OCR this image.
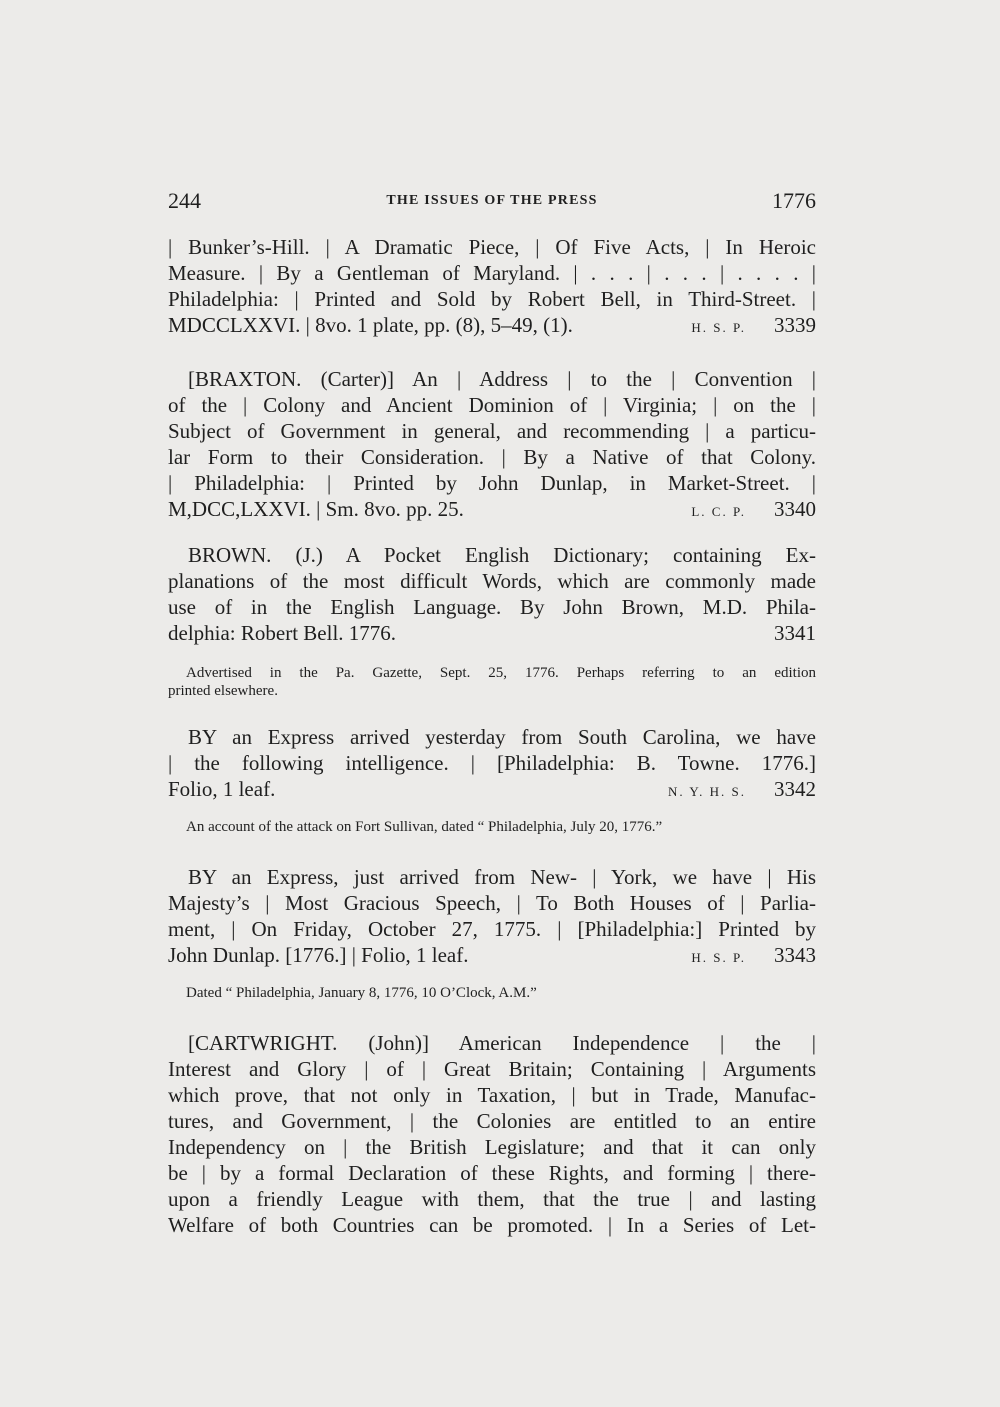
244	THE ISSUES OF THE PRESS	1776
| Bunker’s-Hill. | A Dramatic Piece, | Of Five Acts, | In Heroic
Measure. | By a Gentleman of Maryland. | . . . | . . . | . . . . |
Philadelphia: | Printed and Sold by Robert Bell, in Third-Street. |
MDCCLXXVI. | 8vo. 1 plate, pp. (8), 5–49, (1).	H. S. P. 3339
[BRAXTON. (Carter)] An | Address | to the | Convention |
of the | Colony and Ancient Dominion of | Virginia; | on the |
Subject of Government in general, and recommending | a particu-
lar Form to their Consideration. | By a Native of that Colony.
| Philadelphia: | Printed by John Dunlap, in Market-Street. |
M,DCC,LXXVI. | Sm. 8vo. pp. 25.	L. C. P. 3340
BROWN. (J.) A Pocket English Dictionary; containing Ex-
planations of the most difficult Words, which are commonly made
use of in the English Language. By John Brown, M.D. Phila-
delphia: Robert Bell. 1776.	3341
Advertised in the Pa. Gazette, Sept. 25, 1776. Perhaps referring to an edition
printed elsewhere.
BY an Express arrived yesterday from South Carolina, we have
| the following intelligence. | [Philadelphia: B. Towne. 1776.]
Folio, 1 leaf.	N. Y. H. S. 3342
An account of the attack on Fort Sullivan, dated “ Philadelphia, July 20, 1776.”
BY an Express, just arrived from New- | York, we have | His
Majesty’s | Most Gracious Speech, | To Both Houses of | Parlia-
ment, | On Friday, October 27, 1775. | [Philadelphia:] Printed by
John Dunlap. [1776.] | Folio, 1 leaf.	H. S. P. 3343
Dated “ Philadelphia, January 8, 1776, 10 O’Clock, A.M.”
[CARTWRIGHT. (John)] American Independence | the |
Interest and Glory | of | Great Britain; Containing | Arguments
which prove, that not only in Taxation, | but in Trade, Manufac-
tures, and Government, | the Colonies are entitled to an entire
Independency on | the British Legislature; and that it can only
be | by a formal Declaration of these Rights, and forming | there-
upon a friendly League with them, that the true | and lasting
Welfare of both Countries can be promoted. | In a Series of Let-
